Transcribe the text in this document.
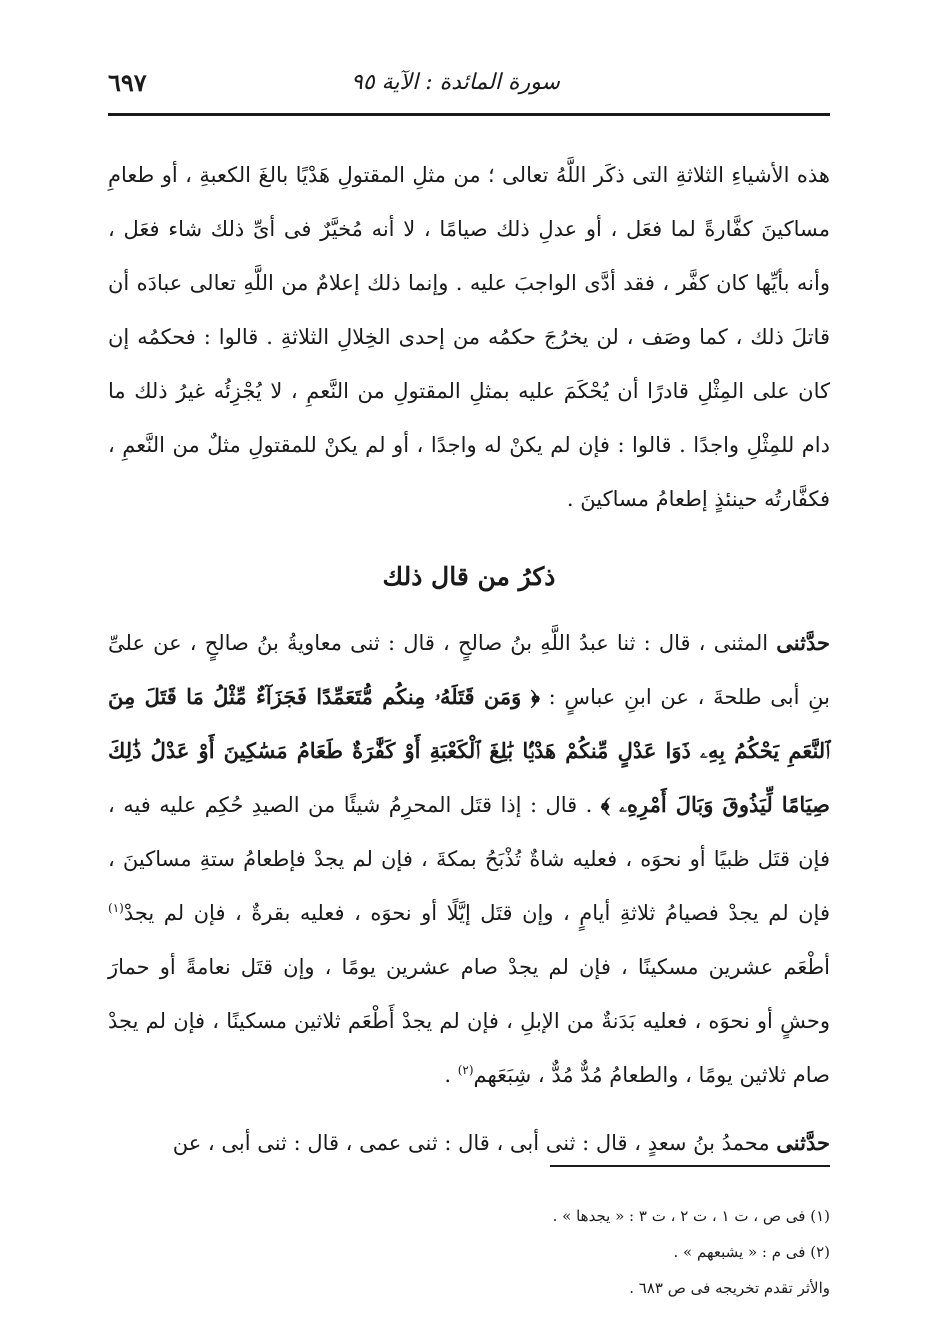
سورة المائدة : الآية ٩٥
٦٩٧

هذه الأشياءِ الثلاثةِ التى ذكَر اللَّهُ تعالى ؛ من مثلِ المقتولِ هَدْيًا بالغَ الكعبةِ ، أو طعامِ مساكينَ كفَّارةً لما فعَل ، أو عدلِ ذلك صيامًا ، لا أنه مُخيَّرٌ فى أىِّ ذلك شاء فعَل ، وأنه بأيِّها كان كفَّر ، فقد أدَّى الواجبَ عليه . وإنما ذلك إعلامٌ من اللَّهِ تعالى عبادَه أن قاتلَ ذلك ، كما وصَف ، لن يخرُجَ حكمُه من إحدى الخِلالِ الثلاثةِ . قالوا : فحكمُه إن كان على المِثْلِ قادرًا أن يُحْكَمَ عليه بمثلِ المقتولِ من النَّعمِ ، لا يُجْزِئُه غيرُ ذلك ما دام للمِثْلِ واجدًا . قالوا : فإن لم يكنْ له واجدًا ، أو لم يكنْ للمقتولِ مثلٌ من النَّعمِ ، فكفَّارتُه حينئذٍ إطعامُ مساكينَ .

ذكرُ من قال ذلك

حدَّثنى المثنى ، قال : ثنا عبدُ اللَّهِ بنُ صالحٍ ، قال : ثنى معاويةُ بنُ صالحٍ ، عن علىِّ بنِ أبى طلحةَ ، عن ابنِ عباسٍ : ﴿ وَمَن قَتَلَهُۥ مِنكُم مُّتَعَمِّدًا فَجَزَآءٌ مِّثْلُ مَا قَتَلَ مِنَ ٱلنَّعَمِ يَحْكُمُ بِهِۦ ذَوَا عَدْلٍ مِّنكُمْ هَدْيًۢا بَٰلِغَ ٱلْكَعْبَةِ أَوْ كَفَّٰرَةٌ طَعَامُ مَسَٰكِينَ أَوْ عَدْلُ ذَٰلِكَ صِيَامًا لِّيَذُوقَ وَبَالَ أَمْرِهِۦ ﴾ . قال : إذا قتَل المحرِمُ شيئًا من الصيدِ حُكِم عليه فيه ، فإن قتَل ظبيًا أو نحوَه ، فعليه شاةٌ تُذْبَحُ بمكةَ ، فإن لم يجدْ فإطعامُ ستةِ مساكينَ ، فإن لم يجدْ فصيامُ ثلاثةِ أيامٍ ، وإن قتَل إيَّلًا أو نحوَه ، فعليه بقرةٌ ، فإن لم يجدْ$^{(١)}$ أطْعَم عشرين مسكينًا ، فإن لم يجدْ صام عشرين يومًا ، وإن قتَل نعامةً أو حمارَ وحشٍ أو نحوَه ، فعليه بَدَنةٌ من الإبلِ ، فإن لم يجدْ أَطْعَم ثلاثين مسكينًا ، فإن لم يجدْ صام ثلاثين يومًا ، والطعامُ مُدٌّ مُدٌّ ، شِبَعَهم$^{(٢)}$ .

حدَّثنى محمدُ بنُ سعدٍ ، قال : ثنى أبى ، قال : ثنى عمى ، قال : ثنى أبى ، عن

(١) فى ص ، ت ١ ، ت ٢ ، ت ٣ : « يجدها » .

(٢) فى م : « يشبعهم » .

والأثر تقدم تخريجه فى ص ٦٨٣ .
